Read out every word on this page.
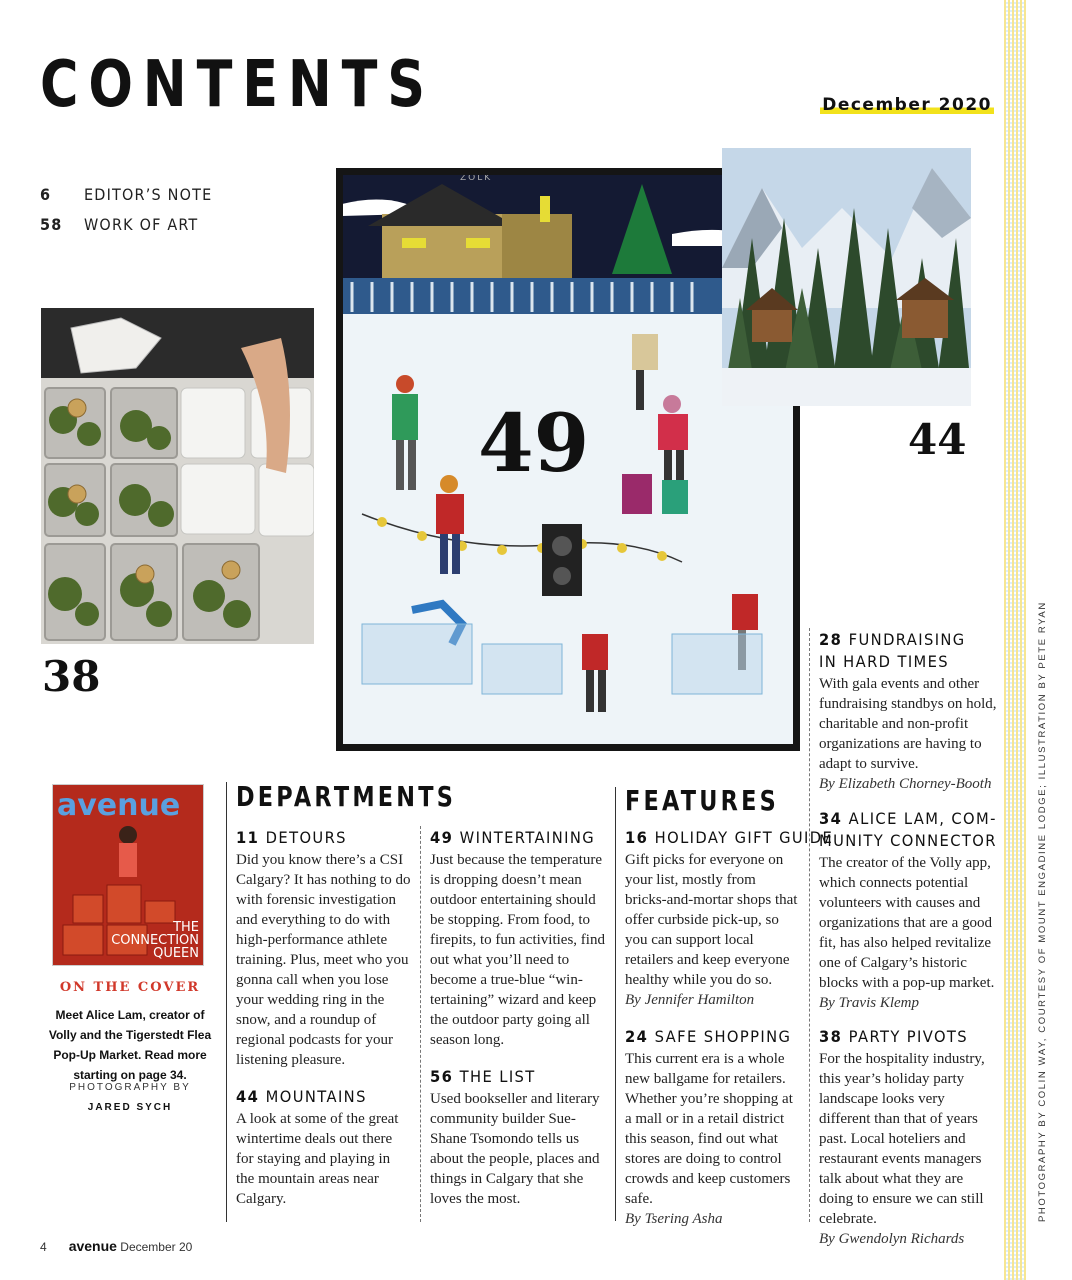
CONTENTS	December 2020
6	EDITOR’S NOTE
58	WORK OF ART
38
ZOLK
49	44
avenue
THE
CONNECTION
QUEEN
ON THE COVER
Meet Alice Lam, creator of Volly and the Tigerstedt Flea Pop-Up Market. Read more starting on page 34.
PHOTOGRAPHY BY
JARED SYCH
DEPARTMENTS
11 DETOURS
Did you know there’s a CSI Calgary? It has nothing to do with forensic investigation and everything to do with high-performance athlete training. Plus, meet who you gonna call when you lose your wedding ring in the snow, and a roundup of regional podcasts for your listening pleasure.
44 MOUNTAINS
A look at some of the great wintertime deals out there for staying and playing in the mountain areas near Calgary.
49 WINTERTAINING
Just because the temperature is dropping doesn’t mean outdoor entertaining should be stopping. From food, to firepits, to fun activities, find out what you’ll need to become a true-blue “win-tertaining” wizard and keep the outdoor party going all season long.
56 THE LIST
Used bookseller and literary community builder Sue-Shane Tsomondo tells us about the people, places and things in Calgary that she loves the most.
FEATURES
16 HOLIDAY GIFT GUIDE
Gift picks for everyone on your list, mostly from bricks-and-mortar shops that offer curbside pick-up, so you can support local retailers and keep everyone healthy while you do so.
By Jennifer Hamilton
24 SAFE SHOPPING
This current era is a whole new ballgame for retailers. Whether you’re shopping at a mall or in a retail district this season, find out what stores are doing to control crowds and keep customers safe.
By Tsering Asha
28 FUNDRAISING
IN HARD TIMES
With gala events and other fundraising standbys on hold, charitable and non-profit organizations are having to adapt to survive.
By Elizabeth Chorney-Booth
34 ALICE LAM, COM-
MUNITY CONNECTOR
The creator of the Volly app, which connects potential volunteers with causes and organizations that are a good fit, has also helped revitalize one of Calgary’s historic blocks with a pop-up market.
By Travis Klemp
38 PARTY PIVOTS
For the hospitality industry, this year’s holiday party landscape looks very different than that of years past. Local hoteliers and restaurant events managers talk about what they are doing to ensure we can still celebrate.
By Gwendolyn Richards
PHOTOGRAPHY BY COLIN WAY, COURTESY OF MOUNT ENGADINE LODGE; ILLUSTRATION BY PETE RYAN
4 avenue December 20
